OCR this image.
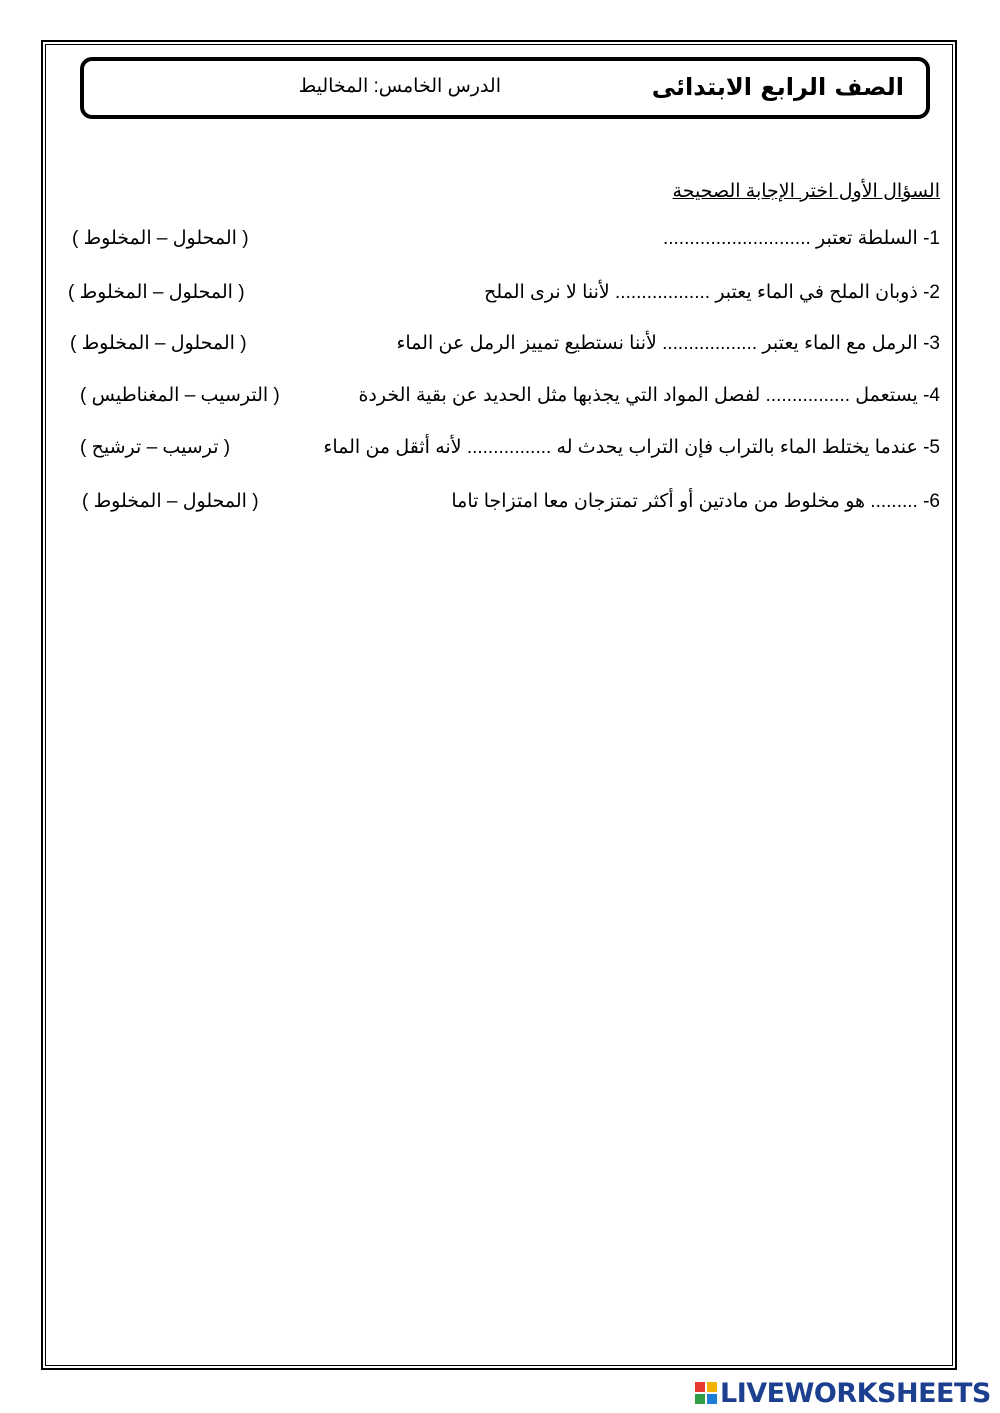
الصف الرابع الابتدائى
الدرس الخامس: المخاليط
السؤال الأول اختر الإجابة الصحيحة
1- السلطة تعتبر ............................
( المحلول – المخلوط )
2- ذوبان الملح في الماء يعتبر .................. لأننا لا نرى الملح
( المحلول – المخلوط )
3- الرمل مع الماء يعتبر .................. لأننا نستطيع تمييز الرمل عن الماء
( المحلول – المخلوط )
4- يستعمل ................ لفصل المواد التي يجذبها مثل الحديد عن بقية الخردة
( الترسيب – المغناطيس )
5- عندما يختلط الماء بالتراب فإن التراب يحدث له ................ لأنه أثقل من الماء
( ترسيب – ترشيح )
6- ......... هو مخلوط من مادتين أو أكثر تمتزجان معا امتزاجا تاما
( المحلول – المخلوط )
LIVEWORKSHEETS
